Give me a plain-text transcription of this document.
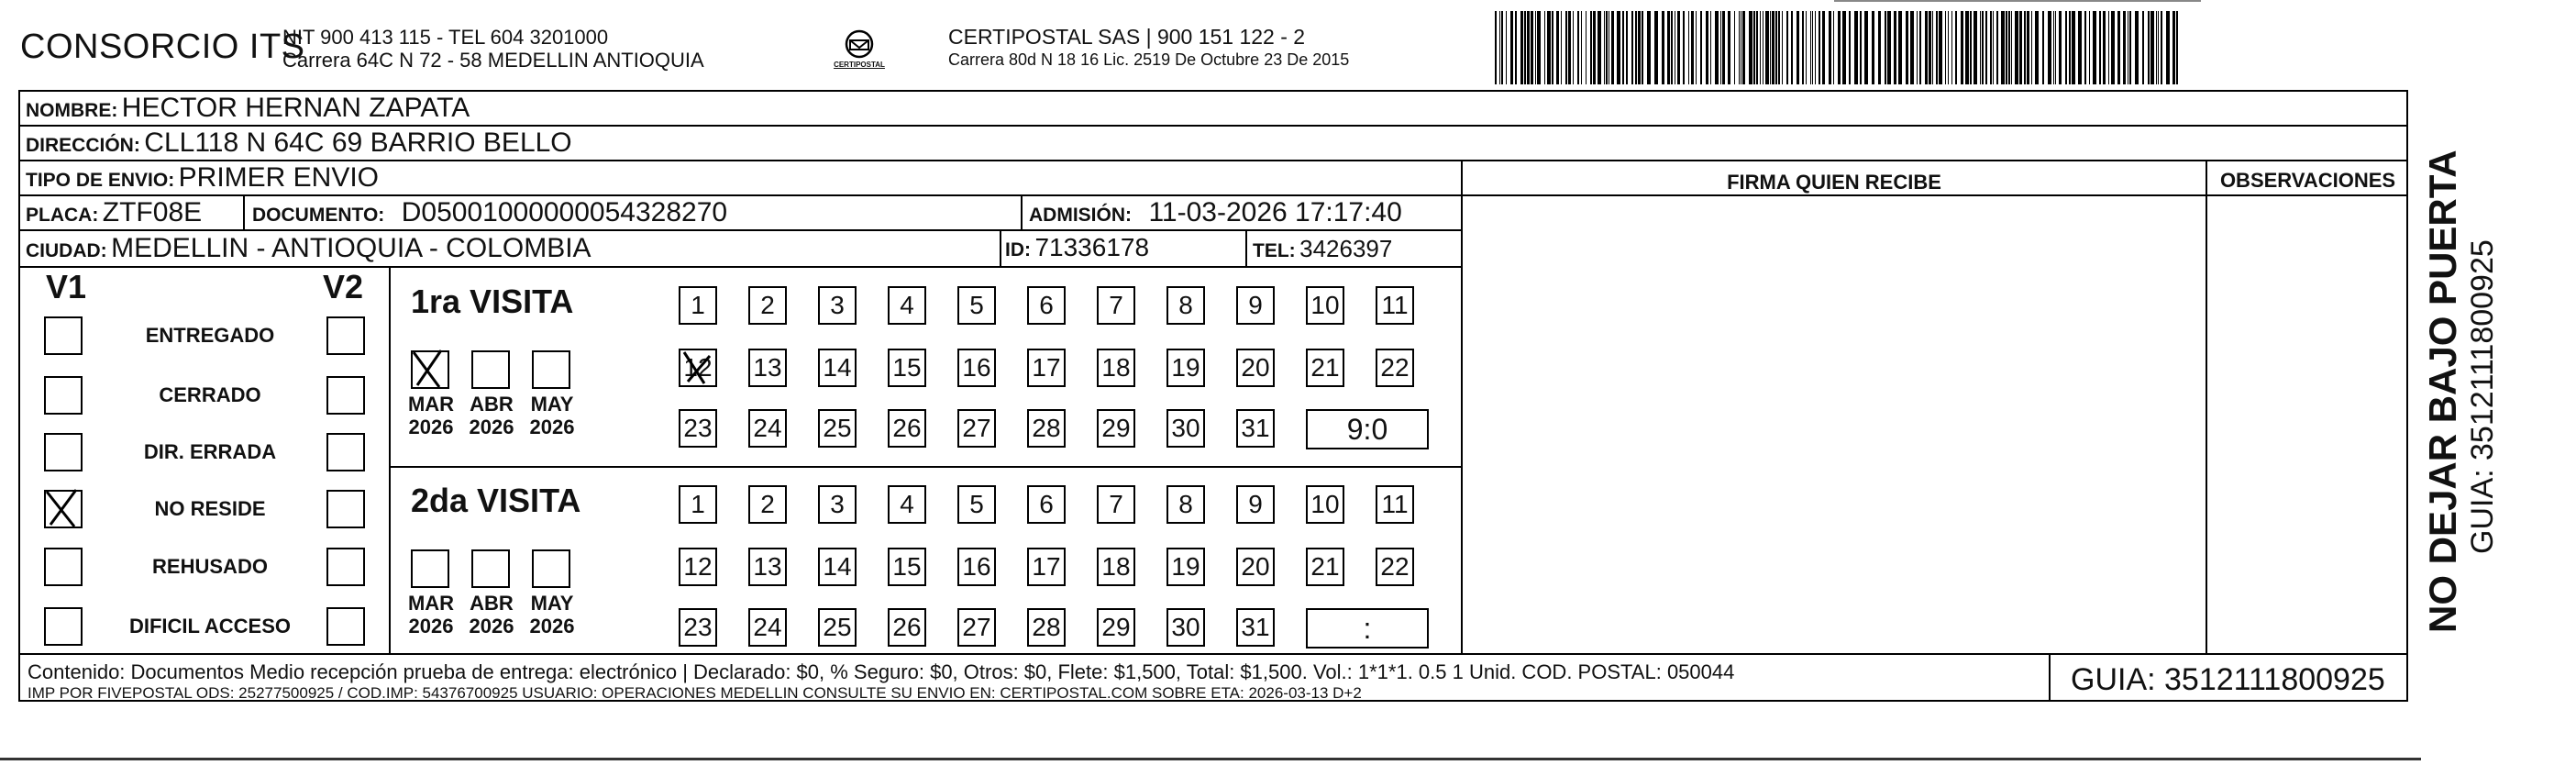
CONSORCIO ITS
NIT 900 413 115 - TEL 604 3201000
Carrera 64C N 72 - 58 MEDELLIN ANTIOQUIA	CERTIPOSTAL
CERTIPOSTAL SAS | 900 151 122 - 2
Carrera 80d N 18 16 Lic. 2519 De Octubre 23 De 2015
NOMBRE: HECTOR HERNAN ZAPATA
DIRECCIÓN: CLL118 N 64C 69 BARRIO BELLO
TIPO DE ENVIO: PRIMER ENVIO	FIRMA QUIEN RECIBE	OBSERVACIONES
PLACA: ZTF08E	DOCUMENTO: D05001000000054328270	ADMISIÓN: 11-03-2026 17:17:40
CIUDAD: MEDELLIN - ANTIOQUIA - COLOMBIA	ID: 71336178	TEL: 3426397
V1	V2
ENTREGADO
CERRADO
DIR. ERRADA
NO RESIDE
REHUSADO
DIFICIL ACCESO
1ra VISITA
MAR
2026
ABR
2026
MAY
2026
1	2	3	4	5	6	7	8	9	10 11
12 13 14 15 16 17 18 19 20 21 22
23 24 25 26 27 28 29 30 31	9:0
2da VISITA
MAR
2026
ABR
2026
MAY
2026
1	2	3	4	5	6	7	8	9	10 11
12 13 14 15 16 17 18 19 20 21 22
23 24 25 26 27 28 29 30 31	:
Contenido: Documentos Medio recepción prueba de entrega: electrónico | Declarado: $0, % Seguro: $0, Otros: $0, Flete: $1,500, Total: $1,500. Vol.: 1*1*1. 0.5 1 Unid. COD. POSTAL: 050044
IMP POR FIVEPOSTAL ODS: 25277500925 / COD.IMP: 54376700925 USUARIO: OPERACIONES MEDELLIN CONSULTE SU ENVIO EN: CERTIPOSTAL.COM SOBRE ETA: 2026-03-13 D+2	GUIA: 3512111800925
NO DEJAR BAJO PUERTA GUIA: 3512111800925
